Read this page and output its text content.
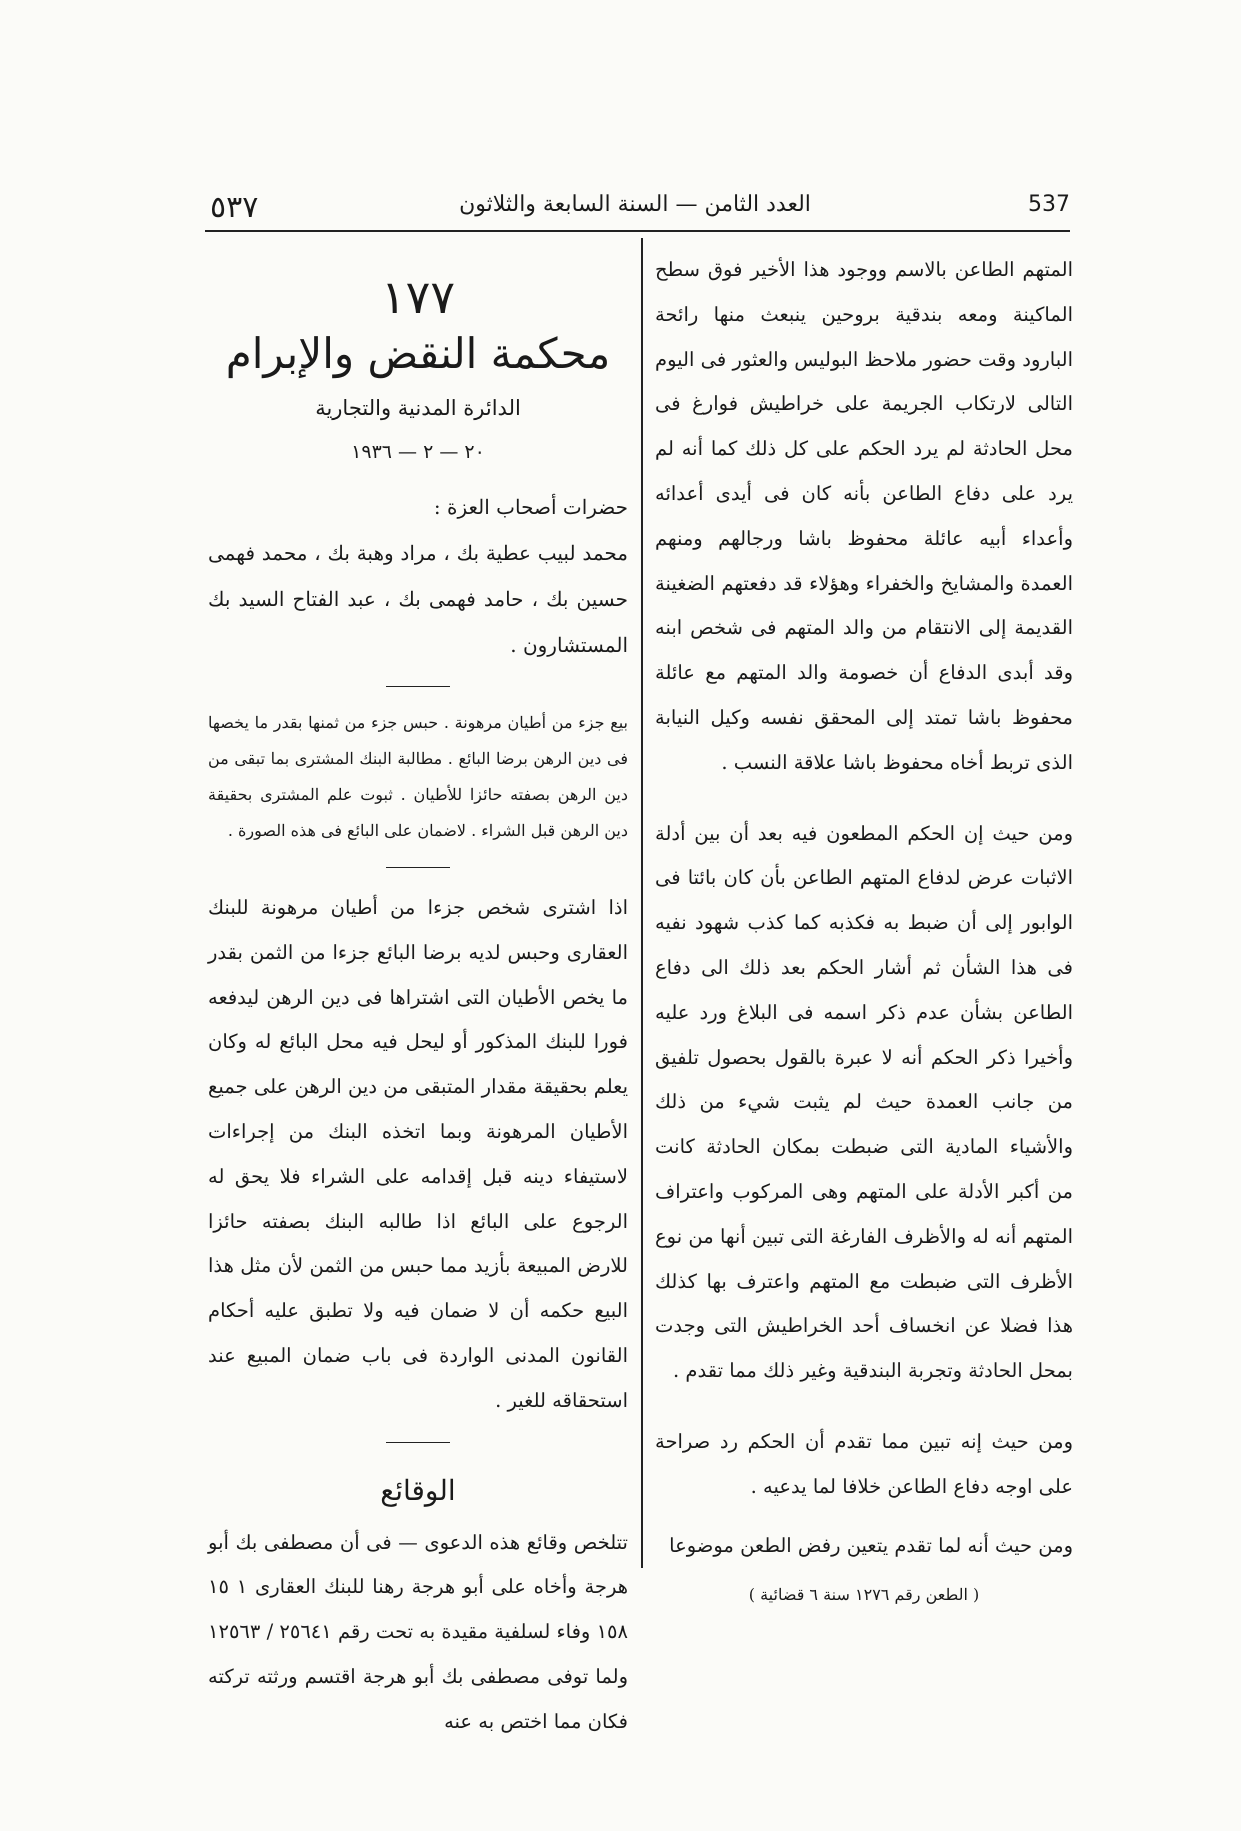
٥٣٧	العدد الثامن — السنة السابعة والثلاثون	537

المتهم الطاعن بالاسم ووجود هذا الأخير فوق سطح الماكينة ومعه بندقية بروحين ينبعث منها رائحة البارود وقت حضور ملاحظ البوليس والعثور فى اليوم التالى لارتكاب الجريمة على خراطيش فوارغ فى محل الحادثة لم يرد الحكم على كل ذلك كما أنه لم يرد على دفاع الطاعن بأنه كان فى أيدى أعدائه وأعداء أبيه عائلة محفوظ باشا ورجالهم ومنهم العمدة والمشايخ والخفراء وهؤلاء قد دفعتهم الضغينة القديمة إلى الانتقام من والد المتهم فى شخص ابنه وقد أبدى الدفاع أن خصومة والد المتهم مع عائلة محفوظ باشا تمتد إلى المحقق نفسه وكيل النيابة الذى تربط أخاه محفوظ باشا علاقة النسب .

ومن حيث إن الحكم المطعون فيه بعد أن بين أدلة الاثبات عرض لدفاع المتهم الطاعن بأن كان بائتا فى الوابور إلى أن ضبط به فكذبه كما كذب شهود نفيه فى هذا الشأن ثم أشار الحكم بعد ذلك الى دفاع الطاعن بشأن عدم ذكر اسمه فى البلاغ ورد عليه وأخيرا ذكر الحكم أنه لا عبرة بالقول بحصول تلفيق من جانب العمدة حيث لم يثبت شيء من ذلك والأشياء المادية التى ضبطت بمكان الحادثة كانت من أكبر الأدلة على المتهم وهى المركوب واعتراف المتهم أنه له والأظرف الفارغة التى تبين أنها من نوع الأظرف التى ضبطت مع المتهم واعترف بها كذلك هذا فضلا عن انخساف أحد الخراطيش التى وجدت بمحل الحادثة وتجربة البندقية وغير ذلك مما تقدم .

ومن حيث إنه تبين مما تقدم أن الحكم رد صراحة على اوجه دفاع الطاعن خلافا لما يدعيه .

ومن حيث أنه لما تقدم يتعين رفض الطعن موضوعا

( الطعن رقم ١٢٧٦ سنة ٦ قضائية )
١٧٧
محكمة النقض والإبرام
الدائرة المدنية والتجارية
٢٠ — ٢ — ١٩٣٦
حضرات أصحاب العزة :
محمد لبيب عطية بك ، مراد وهبة بك ، محمد فهمى حسين بك ، حامد فهمى بك ، عبد الفتاح السيد بك المستشارون .
بيع جزء من أطيان مرهونة . حبس جزء من ثمنها بقدر ما يخصها فى دين الرهن برضا البائع . مطالبة البنك المشترى بما تبقى من دين الرهن بصفته حائزا للأطيان . ثبوت علم المشترى بحقيقة دين الرهن قبل الشراء . لاضمان على البائع فى هذه الصورة .

اذا اشترى شخص جزءا من أطيان مرهونة للبنك العقارى وحبس لديه برضا البائع جزءا من الثمن بقدر ما يخص الأطيان التى اشتراها فى دين الرهن ليدفعه فورا للبنك المذكور أو ليحل فيه محل البائع له وكان يعلم بحقيقة مقدار المتبقى من دين الرهن على جميع الأطيان المرهونة وبما اتخذه البنك من إجراءات لاستيفاء دينه قبل إقدامه على الشراء فلا يحق له الرجوع على البائع اذا طالبه البنك بصفته حائزا للارض المبيعة بأزيد مما حبس من الثمن لأن مثل هذا البيع حكمه أن لا ضمان فيه ولا تطبق عليه أحكام القانون المدنى الواردة فى باب ضمان المبيع عند استحقاقه للغير .

الوقائع

تتلخص وقائع هذه الدعوى — فى أن مصطفى بك أبو هرجة وأخاه على أبو هرجة رهنا للبنك العقارى ١ ١٥ ١٥٨ وفاء لسلفية مقيدة به تحت رقم ٢٥٦٤١ / ١٢٥٦٣ ولما توفى مصطفى بك أبو هرجة اقتسم ورثته تركته فكان مما اختص به عنه
